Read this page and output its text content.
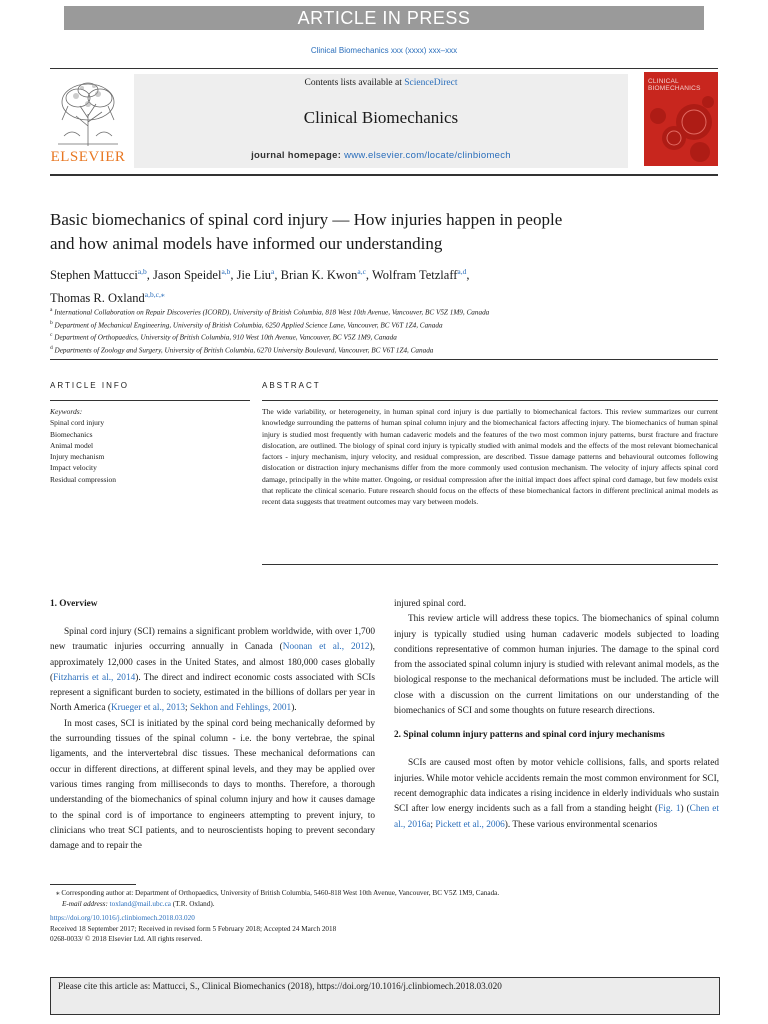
ARTICLE IN PRESS
Clinical Biomechanics xxx (xxxx) xxx–xxx
ELSEVIER
Contents lists available at ScienceDirect
Clinical Biomechanics
journal homepage: www.elsevier.com/locate/clinbiomech
CLINICAL
BIOMECHANICS
Basic biomechanics of spinal cord injury — How injuries happen in people
and how animal models have informed our understanding
Stephen Mattucci$^{a,b}$, Jason Speidel$^{a,b}$, Jie Liu$^a$, Brian K. Kwon$^{a,c}$, Wolfram Tetzlaff$^{a,d}$,
Thomas R. Oxland$^{a,b,c,⁎}$
$^a$ International Collaboration on Repair Discoveries (ICORD), University of British Columbia, 818 West 10th Avenue, Vancouver, BC V5Z 1M9, Canada
$^b$ Department of Mechanical Engineering, University of British Columbia, 6250 Applied Science Lane, Vancouver, BC V6T 1Z4, Canada
$^c$ Department of Orthopaedics, University of British Columbia, 910 West 10th Avenue, Vancouver, BC V5Z 1M9, Canada
$^d$ Departments of Zoology and Surgery, University of British Columbia, 6270 University Boulevard, Vancouver, BC V6T 1Z4, Canada
ARTICLE INFO	ABSTRACT
Keywords:
Spinal cord injury
Biomechanics
Animal model
Injury mechanism
Impact velocity
Residual compression
The wide variability, or heterogeneity, in human spinal cord injury is due partially to biomechanical factors. This review summarizes our current knowledge surrounding the patterns of human spinal column injury and the biomechanical factors affecting injury. The biomechanics of human spinal injury is studied most frequently with human cadaveric models and the features of the two most common injury patterns, burst fracture and fracture dislocation, are outlined. The biology of spinal cord injury is typically studied with animal models and the effects of the most relevant biomechanical factors - injury mechanism, injury velocity, and residual compression, are described. Tissue damage patterns and behavioural outcomes following dislocation or distraction injury mechanisms differ from the more commonly used contusion mechanism. The velocity of injury affects spinal cord damage, principally in the white matter. Ongoing, or residual compression after the initial impact does affect spinal cord damage, but few models exist that replicate the clinical scenario. Future research should focus on the effects of these biomechanical factors in different preclinical animal models as recent data suggests that treatment outcomes may vary between models.
1. Overview

Spinal cord injury (SCI) remains a significant problem worldwide, with over 1,700 new traumatic injuries occurring annually in Canada (Noonan et al., 2012), approximately 12,000 cases in the United States, and almost 180,000 cases globally (Fitzharris et al., 2014). The direct and indirect economic costs associated with SCIs represent a significant burden to society, estimated in the billions of dollars per year in North America (Krueger et al., 2013; Sekhon and Fehlings, 2001).

In most cases, SCI is initiated by the spinal cord being mechanically deformed by the surrounding tissues of the spinal column - i.e. the bony vertebrae, the spinal ligaments, and the intervertebral disc tissues. These mechanical deformations can occur in different directions, at different spinal levels, and they may be applied over various times ranging from milliseconds to days to months. Therefore, a thorough understanding of the biomechanics of spinal column injury and how it causes damage to the spinal cord is of importance to engineers attempting to prevent injury, to clinicians who treat SCI patients, and to neuroscientists hoping to prevent secondary damage and to repair the

injured spinal cord.

This review article will address these topics. The biomechanics of spinal column injury is typically studied using human cadaveric models subjected to loading conditions representative of common human injuries. The damage to the spinal cord from the associated spinal column injury is studied with relevant animal models, as the biological response to the mechanical deformations must be included. The article will close with a discussion on the current limitations on our understanding of the biomechanics of SCI and some thoughts on future research directions.

2. Spinal column injury patterns and spinal cord injury mechanisms

SCIs are caused most often by motor vehicle collisions, falls, and sports related injuries. While motor vehicle accidents remain the most common environment for SCI, recent demographic data indicates a rising incidence in elderly individuals who sustain SCI after low energy incidents such as a fall from a standing height (Fig. 1) (Chen et al., 2016a; Pickett et al., 2006). These various environmental scenarios

⁎ Corresponding author at: Department of Orthopaedics, University of British Columbia, 5460-818 West 10th Avenue, Vancouver, BC V5Z 1M9, Canada.
E-mail address: toxland@mail.ubc.ca (T.R. Oxland).
https://doi.org/10.1016/j.clinbiomech.2018.03.020
Received 18 September 2017; Received in revised form 5 February 2018; Accepted 24 March 2018
0268-0033/ © 2018 Elsevier Ltd. All rights reserved.
Please cite this article as: Mattucci, S., Clinical Biomechanics (2018), https://doi.org/10.1016/j.clinbiomech.2018.03.020
